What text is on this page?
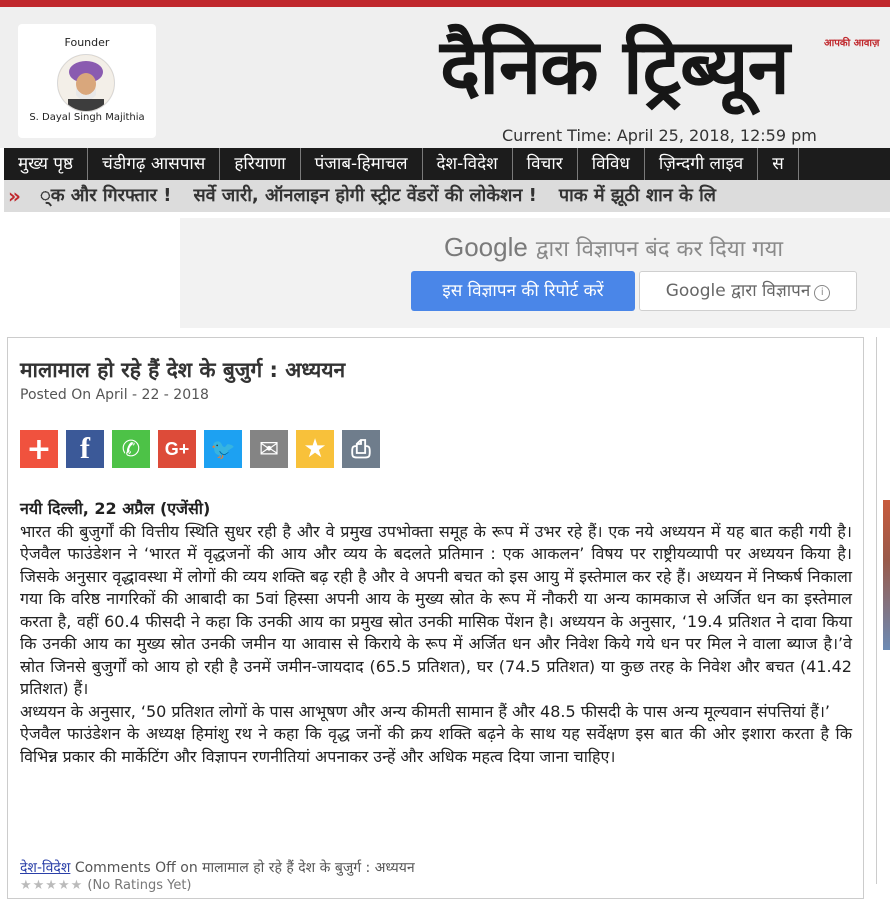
Founder
S. Dayal Singh Majithia
दैनिक ट्रिब्यून	आपकी आवाज़
Current Time: April 25, 2018, 12:59 pm
मुख्य पृष्ठ चंडीगढ़ आसपास हरियाणा पंजाब-हिमाचल देश-विदेश विचार विविध ज़िन्दगी लाइव स
» ्क और गिरफ्तार ! सर्वे जारी, ऑनलाइन होगी स्ट्रीट वेंडरों की लोकेशन ! पाक में झूठी शान के लि
Google द्वारा विज्ञापन बंद कर दिया गया
इस विज्ञापन की रिपोर्ट करें	Google द्वारा विज्ञापन i
मालामाल हो रहे हैं देश के बुजुर्ग : अध्ययन
Posted On April - 22 - 2018
+ f	✆	G+	🐦 ✉ ★	⎙

नयी दिल्ली, 22 अप्रैल (एजेंसी)

भारत की बुजुर्गों की वित्तीय स्थिति सुधर रही है और वे प्रमुख उपभोक्ता समूह के रूप में उभर रहे हैं। एक नये अध्ययन में यह बात कही गयी है। ऐजवैल फाउंडेशन ने ‘भारत में वृद्धजनों की आय और व्यय के बदलते प्रतिमान : एक आकलन’ विषय पर राष्ट्रीयव्यापी पर अध्ययन किया है। जिसके अनुसार वृद्धावस्था में लोगों की व्यय शक्ति बढ़ रही है और वे अपनी बचत को इस आयु में इस्तेमाल कर रहे हैं। अध्ययन में निष्कर्ष निकाला गया कि वरिष्ठ नागरिकों की आबादी का 5वां हिस्सा अपनी आय के मुख्य स्रोत के रूप में नौकरी या अन्य कामकाज से अर्जित धन का इस्तेमाल करता है, वहीं 60.4 फीसदी ने कहा कि उनकी आय का प्रमुख स्रोत उनकी मासिक पेंशन है। अध्ययन के अनुसार, ‘19.4 प्रतिशत ने दावा किया कि उनकी आय का मुख्य स्रोत उनकी जमीन या आवास से किराये के रूप में अर्जित धन और निवेश किये गये धन पर मिल ने वाला ब्याज है।’वे स्रोत जिनसे बुजुर्गों को आय हो रही है उनमें जमीन-जायदाद (65.5 प्रतिशत), घर (74.5 प्रतिशत) या कुछ तरह के निवेश और बचत (41.42 प्रतिशत) हैं।

अध्ययन के अनुसार, ‘50 प्रतिशत लोगों के पास आभूषण और अन्य कीमती सामान हैं और 48.5 फीसदी के पास अन्य मूल्यवान संपत्तियां हैं।’

ऐजवैल फाउंडेशन के अध्यक्ष हिमांशु रथ ने कहा कि वृद्ध जनों की क्रय शक्ति बढ़ने के साथ यह सर्वेक्षण इस बात की ओर इशारा करता है कि विभिन्न प्रकार की मार्केटिंग और विज्ञापन रणनीतियां अपनाकर उन्हें और अधिक महत्व दिया जाना चाहिए।

देश-विदेश Comments Off on मालामाल हो रहे हैं देश के बुजुर्ग : अध्ययन
★★★★★ (No Ratings Yet)
